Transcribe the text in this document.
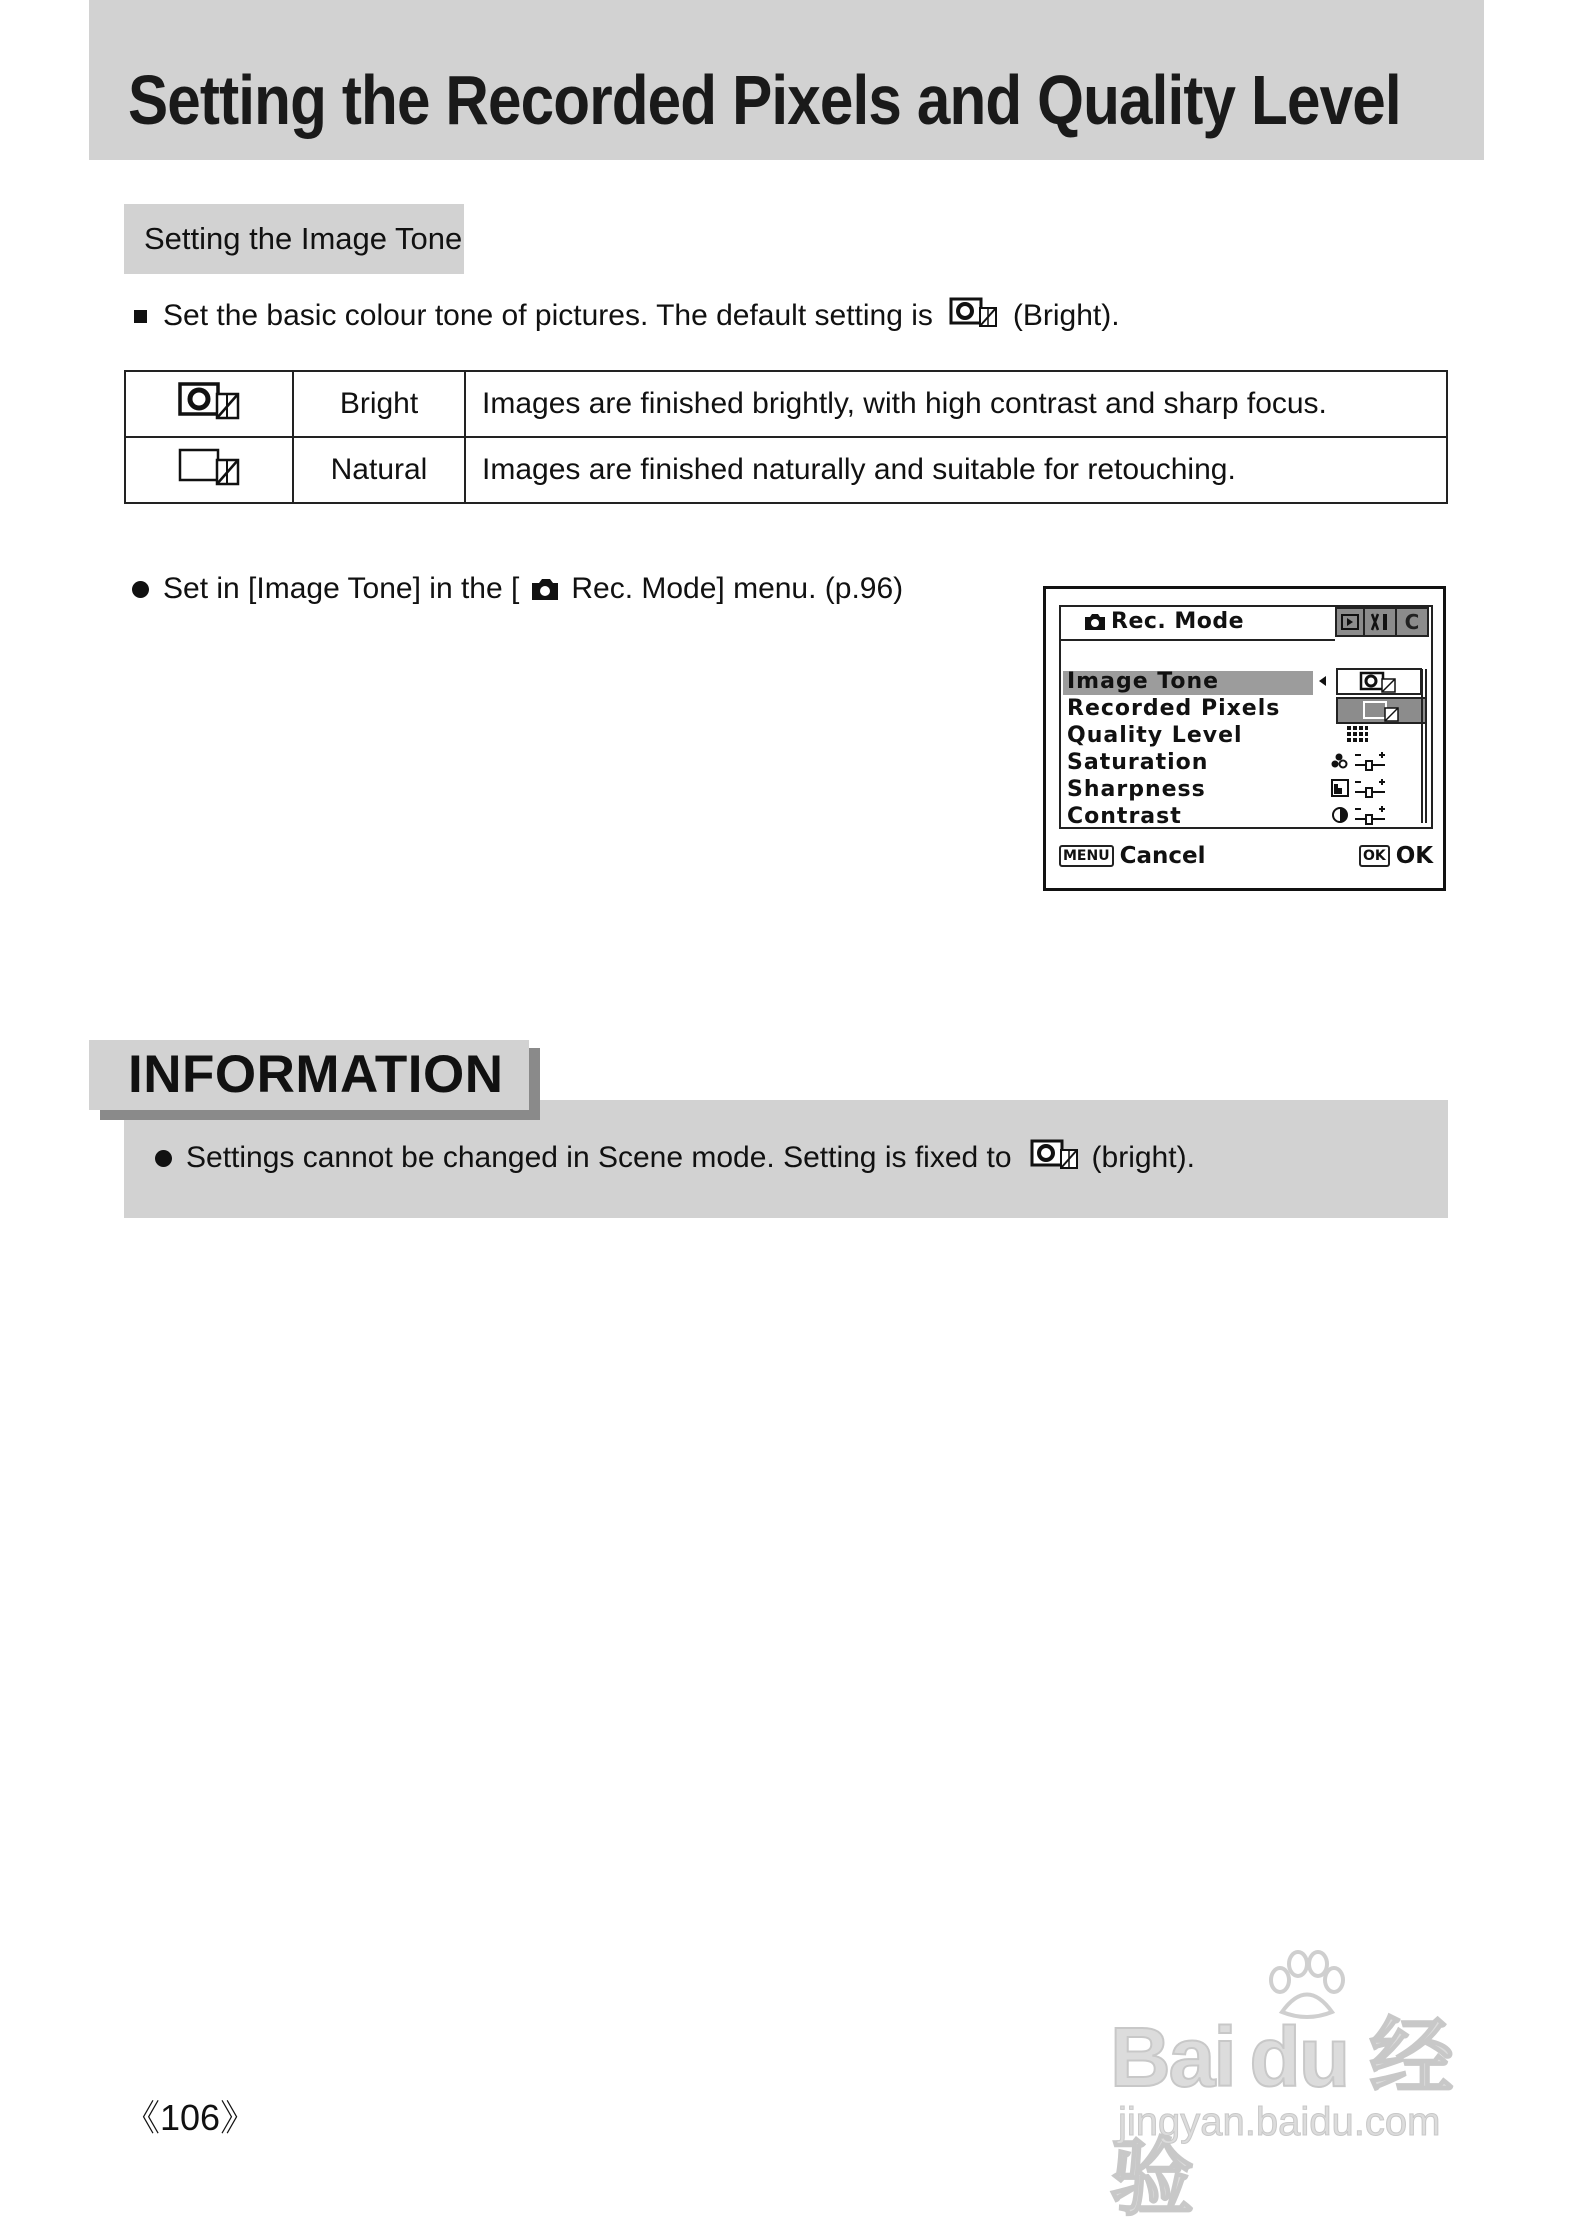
Setting the Recorded Pixels and Quality Level
Setting the Image Tone
Set the basic colour tone of pictures. The default setting is	(Bright).
	Bright	Images are finished brightly, with high contrast and sharp focus.
	Natural	Images are finished naturally and suitable for retouching.
Set in [Image Tone] in the [ Rec. Mode] menu. (p.96)
Rec. Mode	C
Image Tone
Recorded Pixels
Quality Level
Saturation
Sharpness
Contrast
MENU Cancel	OK OK
INFORMATION
Settings cannot be changed in Scene mode. Setting is fixed to	(bright).
《106》
Bai du 经验
jingyan.baidu.com
